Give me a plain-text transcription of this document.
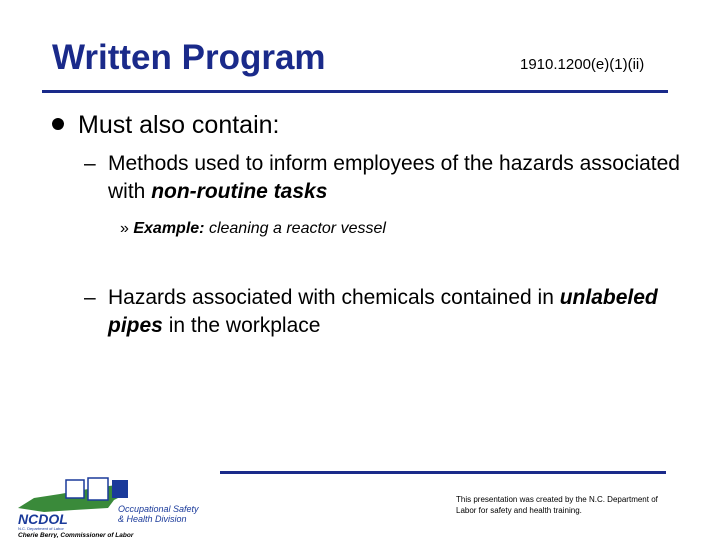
Written Program	1910.1200(e)(1)(ii)
Must also contain:
– Methods used to inform employees of the hazards associated with non-routine tasks
» Example: cleaning a reactor vessel
– Hazards associated with chemicals contained in unlabeled pipes in the workplace
NCDOL
N.C. Department of Labor
Occupational Safety
& Health Division
Cherie Berry, Commissioner of Labor
This presentation was created by the N.C. Department of Labor for safety and health training.
